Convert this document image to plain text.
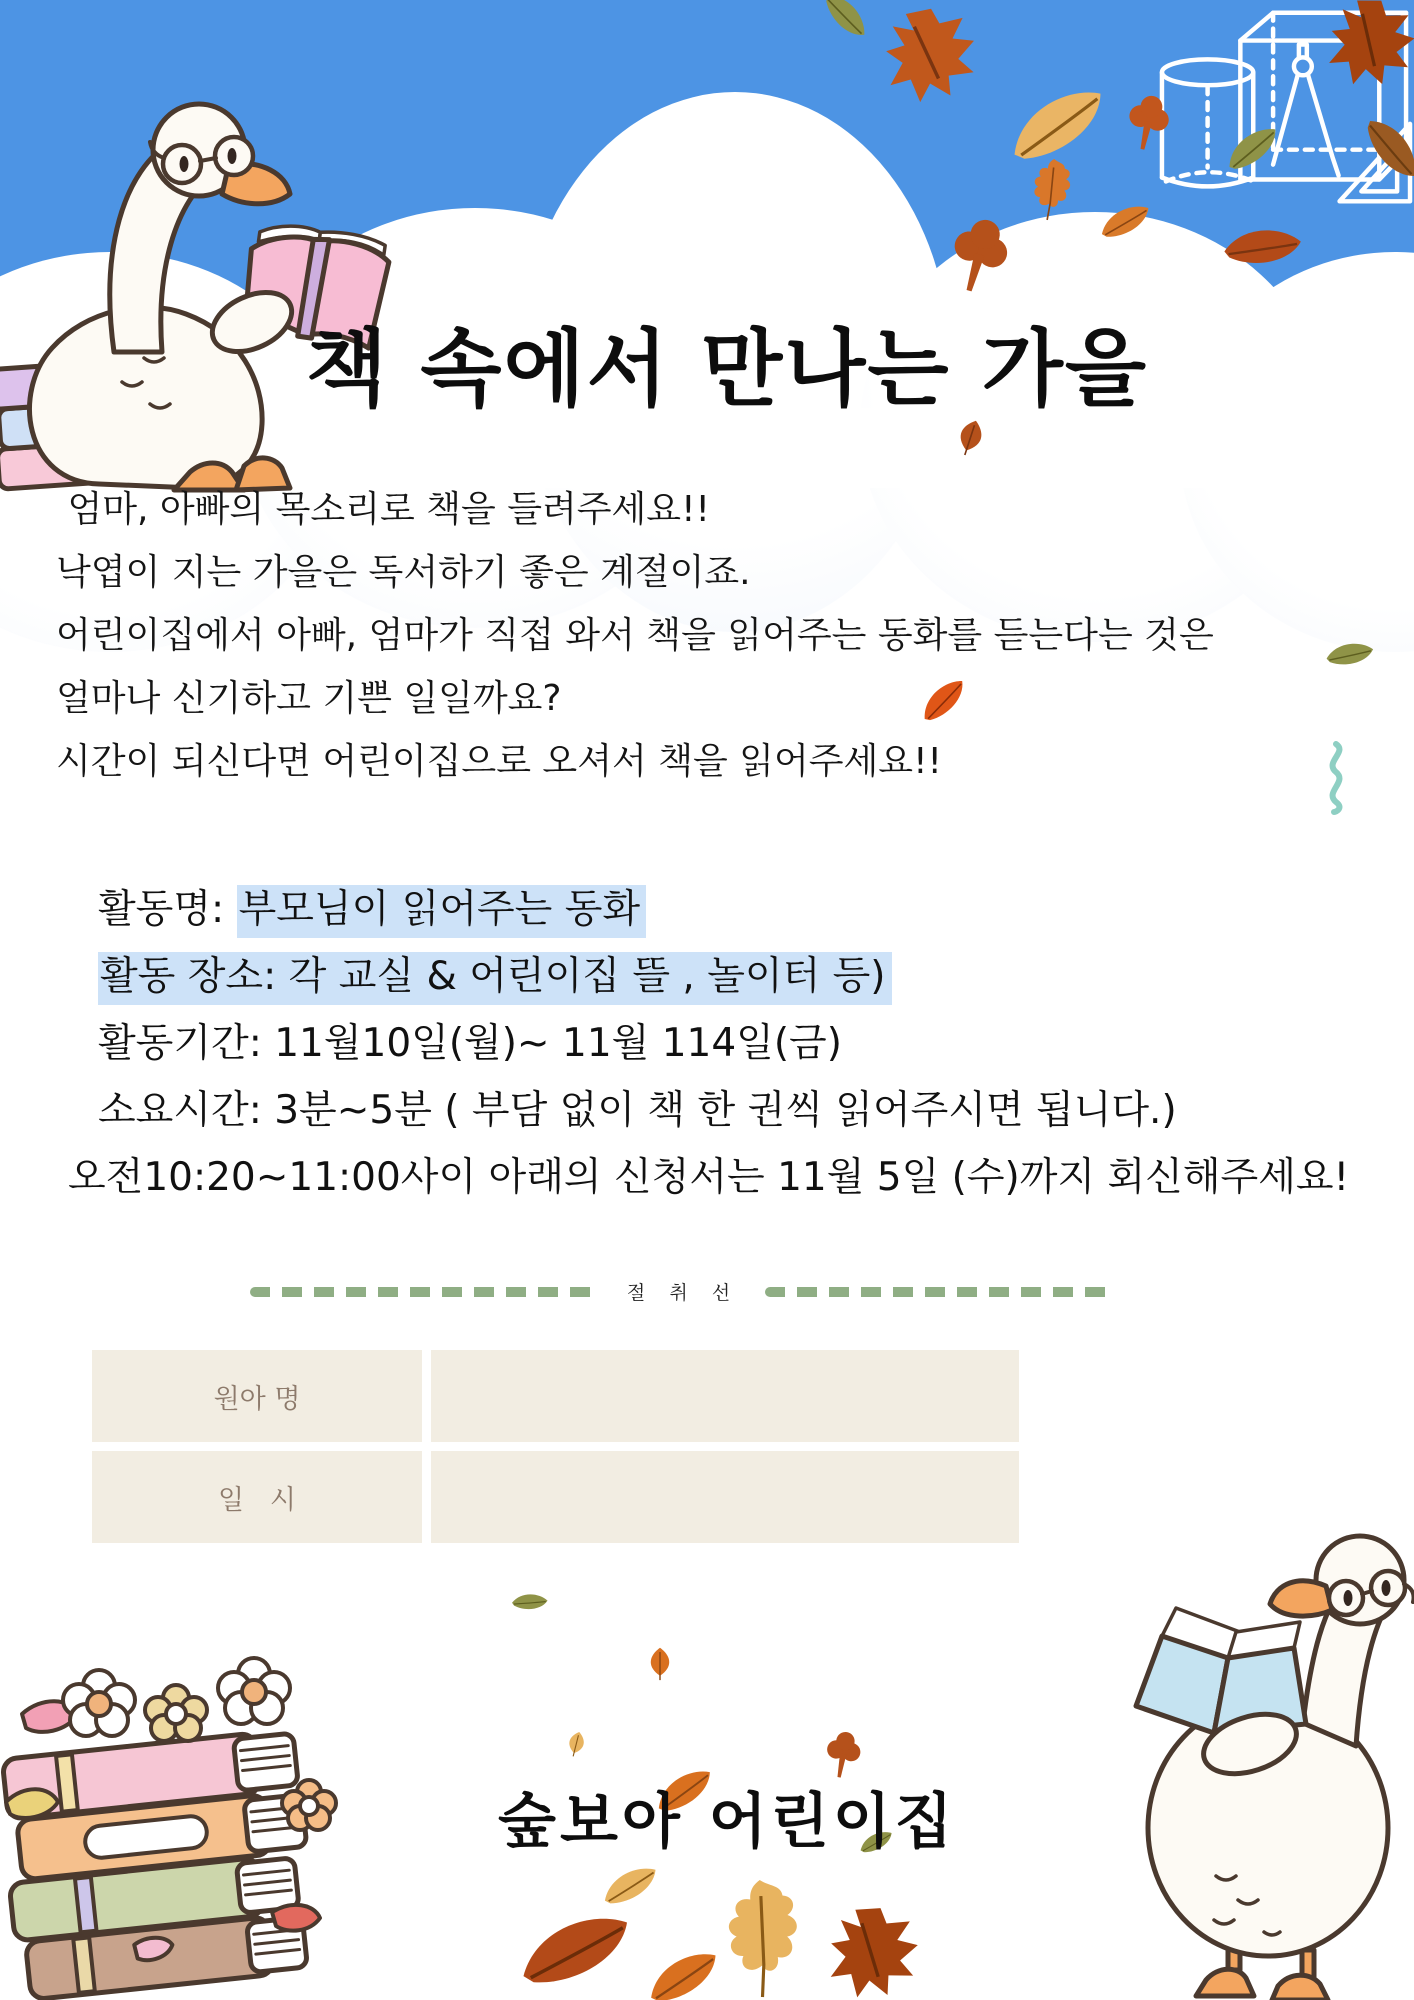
책 속에서 만나는 가을
엄마, 아빠의 목소리로 책을 들려주세요!!
낙엽이 지는 가을은 독서하기 좋은 계절이죠.
어린이집에서 아빠, 엄마가 직접 와서 책을 읽어주는 동화를 듣는다는 것은
얼마나 신기하고 기쁜 일일까요?
시간이 되신다면 어린이집으로 오셔서 책을 읽어주세요!!
활동명: 부모님이 읽어주는 동화
활동 장소: 각 교실 & 어린이집 뜰 , 놀이터 등)
활동기간: 11월10일(월)~ 11월 114일(금)
소요시간: 3분~5분 ( 부담 없이 책 한 권씩 읽어주시면 됩니다.)
오전10:20~11:00사이 아래의 신청서는 11월 5일 (수)까지 회신해주세요!
절 취 선
원아 명
일   시
숲보아 어린이집
